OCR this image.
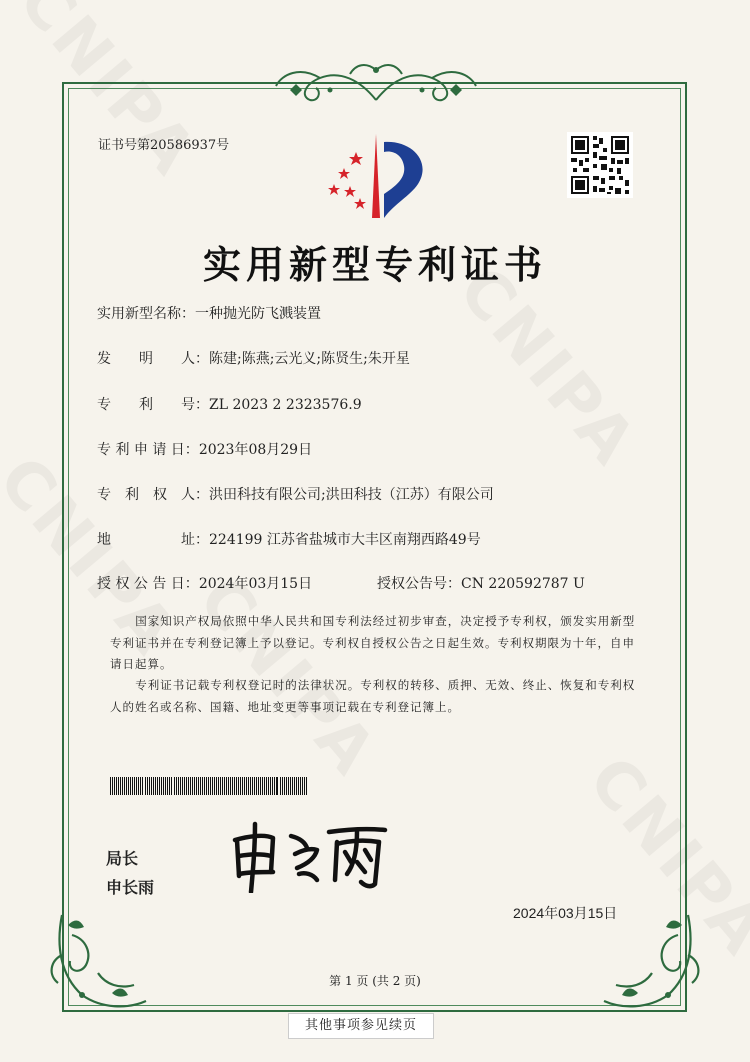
证书号第20586937号
实用新型专利证书
实用新型名称：一种抛光防飞溅装置
发　　明　　人：陈建;陈燕;云光义;陈贤生;朱开星
专　　利　　号：ZL 2023 2 2323576.9
专 利 申 请 日：2023年08月29日
专　利　权　人：洪田科技有限公司;洪田科技（江苏）有限公司
地　　　　　址：224199 江苏省盐城市大丰区南翔西路49号
授 权 公 告 日：2024年03月15日	授权公告号：CN 220592787 U
国家知识产权局依照中华人民共和国专利法经过初步审查，决定授予专利权，颁发实用新型专利证书并在专利登记簿上予以登记。专利权自授权公告之日起生效。专利权期限为十年，自申请日起算。
专利证书记载专利权登记时的法律状况。专利权的转移、质押、无效、终止、恢复和专利权人的姓名或名称、国籍、地址变更等事项记载在专利登记簿上。
局长
申长雨
2024年03月15日
第 1 页 (共 2 页)
其他事项参见续页
